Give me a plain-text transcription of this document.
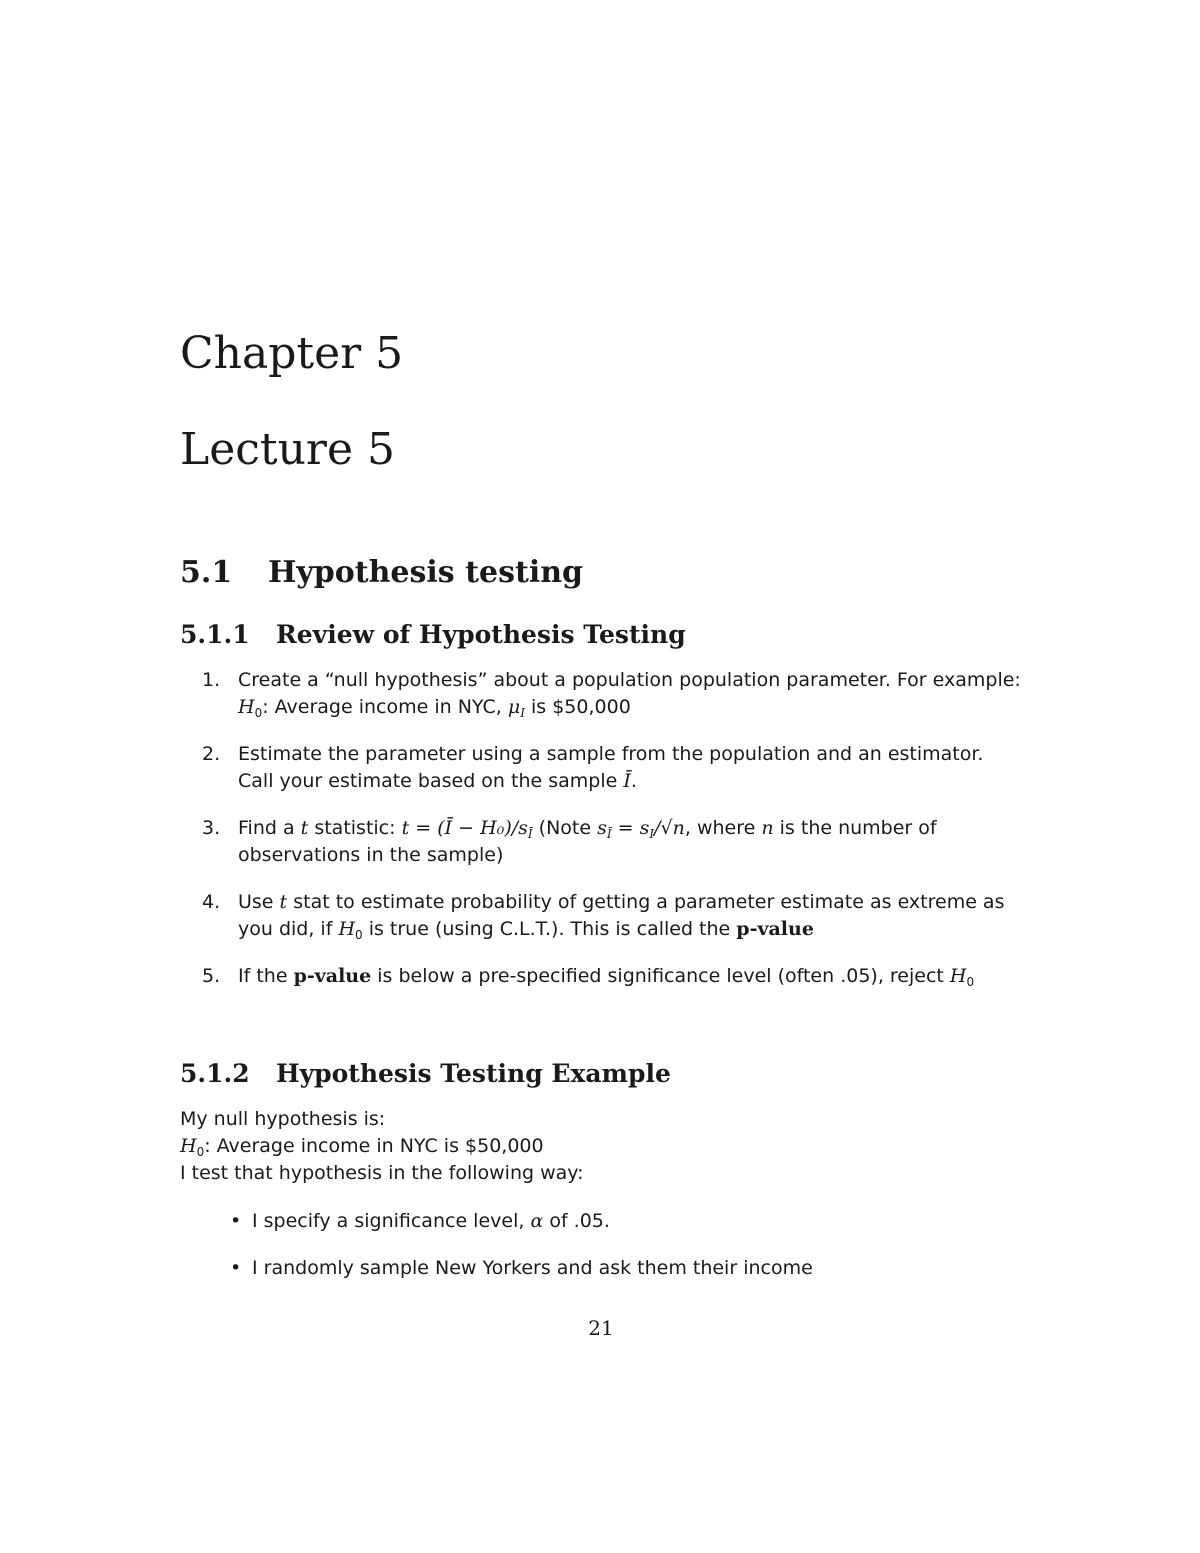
Chapter 5
Lecture 5
5.1 Hypothesis testing
5.1.1 Review of Hypothesis Testing
1. Create a “null hypothesis” about a population population parameter. For example:
$H_0$: Average income in NYC, $\mu_I$ is $50,000
2. Estimate the parameter using a sample from the population and an estimator. Call your estimate based on the sample Ī.
3. Find a t statistic: t = (Ī − $H_0)/s_Ī$ (Note $s_Ī = s_I/√n$, where n is the number of observations in the sample)
4. Use t stat to estimate probability of getting a parameter estimate as extreme as you did, if $H_0$ is true (using C.L.T.). This is called the p-value
5. If the p-value is below a pre-specified significance level (often .05), reject $H_0$
5.1.2 Hypothesis Testing Example
My null hypothesis is:
$H_0$: Average income in NYC is $50,000
I test that hypothesis in the following way:
• I specify a significance level, α of .05.
• I randomly sample New Yorkers and ask them their income
21
